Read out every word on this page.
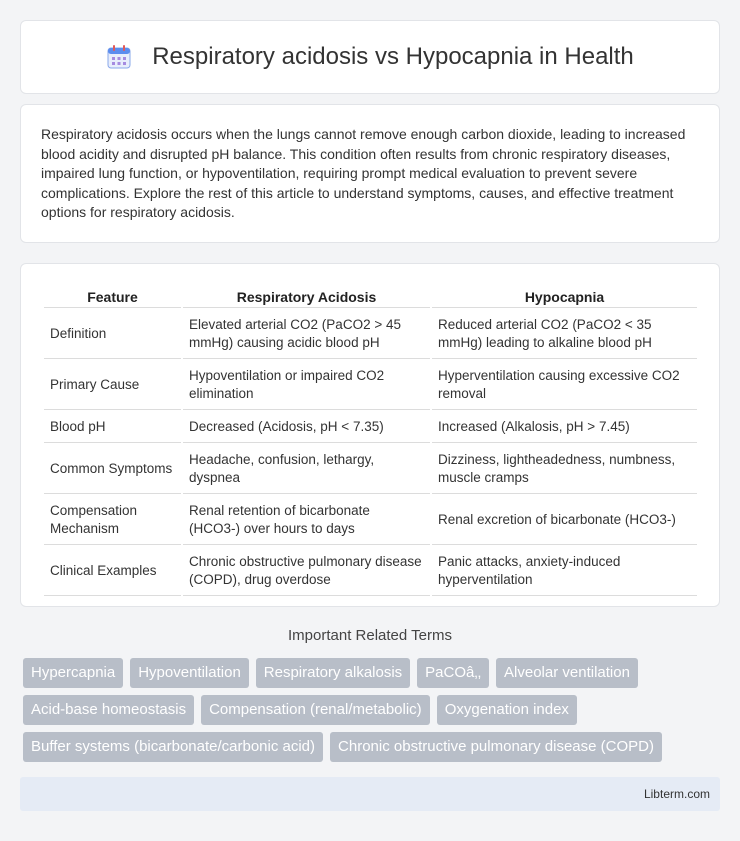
Respiratory acidosis vs Hypocapnia in Health

Respiratory acidosis occurs when the lungs cannot remove enough carbon dioxide, leading to increased blood acidity and disrupted pH balance. This condition often results from chronic respiratory diseases, impaired lung function, or hypoventilation, requiring prompt medical evaluation to prevent severe complications. Explore the rest of this article to understand symptoms, causes, and effective treatment options for respiratory acidosis.

Feature	Respiratory Acidosis	Hypocapnia
Definition	Elevated arterial CO2 (PaCO2 > 45 mmHg) causing acidic blood pH	Reduced arterial CO2 (PaCO2 < 35 mmHg) leading to alkaline blood pH
Primary Cause	Hypoventilation or impaired CO2 elimination	Hyperventilation causing excessive CO2 removal
Blood pH	Decreased (Acidosis, pH < 7.35)	Increased (Alkalosis, pH > 7.45)
Common Symptoms	Headache, confusion, lethargy, dyspnea	Dizziness, lightheadedness, numbness, muscle cramps
Compensation Mechanism	Renal retention of bicarbonate (HCO3-) over hours to days	Renal excretion of bicarbonate (HCO3-)
Clinical Examples	Chronic obstructive pulmonary disease (COPD), drug overdose	Panic attacks, anxiety-induced hyperventilation
Important Related Terms
Hypercapnia	Hypoventilation	Respiratory alkalosis	PaCOâ‚‚	Alveolar ventilation
Acid-base homeostasis	Compensation (renal/metabolic)	Oxygenation index
Buffer systems (bicarbonate/carbonic acid)	Chronic obstructive pulmonary disease (COPD)
Libterm.com
